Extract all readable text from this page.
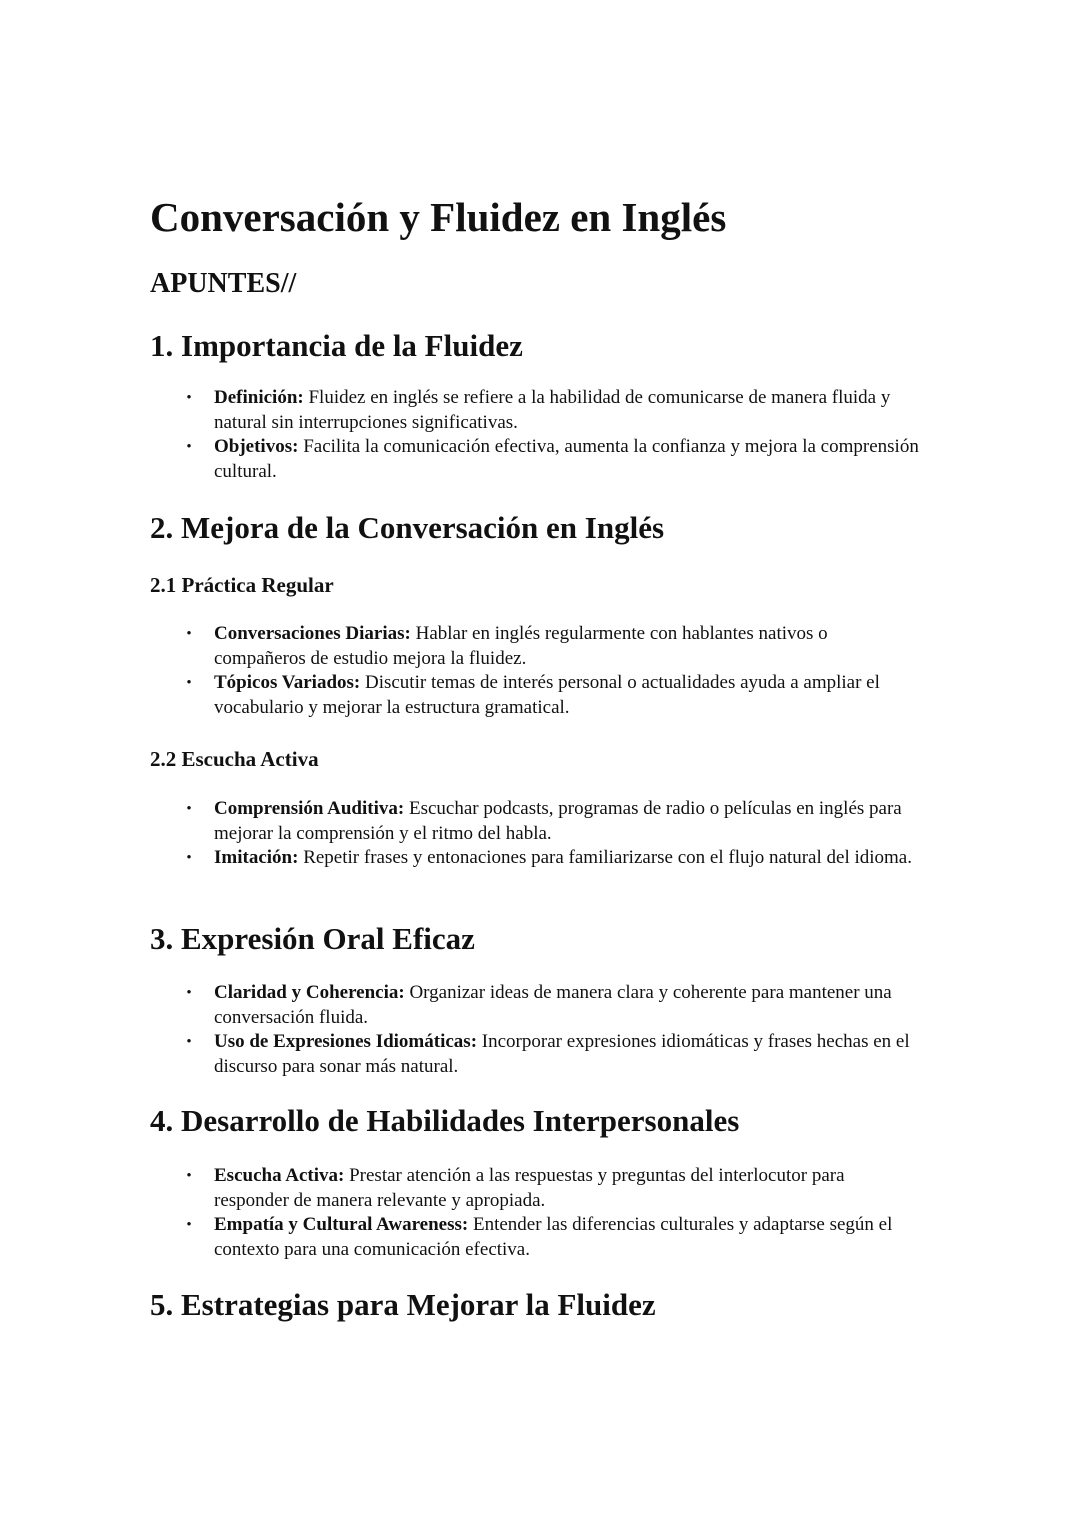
Conversación y Fluidez en Inglés
APUNTES//
1. Importancia de la Fluidez
• Definición: Fluidez en inglés se refiere a la habilidad de comunicarse de manera fluida y natural sin interrupciones significativas.
• Objetivos: Facilita la comunicación efectiva, aumenta la confianza y mejora la comprensión cultural.
2. Mejora de la Conversación en Inglés
2.1 Práctica Regular
• Conversaciones Diarias: Hablar en inglés regularmente con hablantes nativos o compañeros de estudio mejora la fluidez.
• Tópicos Variados: Discutir temas de interés personal o actualidades ayuda a ampliar el vocabulario y mejorar la estructura gramatical.
2.2 Escucha Activa
• Comprensión Auditiva: Escuchar podcasts, programas de radio o películas en inglés para mejorar la comprensión y el ritmo del habla.
• Imitación: Repetir frases y entonaciones para familiarizarse con el flujo natural del idioma.
3. Expresión Oral Eficaz
• Claridad y Coherencia: Organizar ideas de manera clara y coherente para mantener una conversación fluida.
• Uso de Expresiones Idiomáticas: Incorporar expresiones idiomáticas y frases hechas en el discurso para sonar más natural.
4. Desarrollo de Habilidades Interpersonales
• Escucha Activa: Prestar atención a las respuestas y preguntas del interlocutor para responder de manera relevante y apropiada.
• Empatía y Cultural Awareness: Entender las diferencias culturales y adaptarse según el contexto para una comunicación efectiva.
5. Estrategias para Mejorar la Fluidez
